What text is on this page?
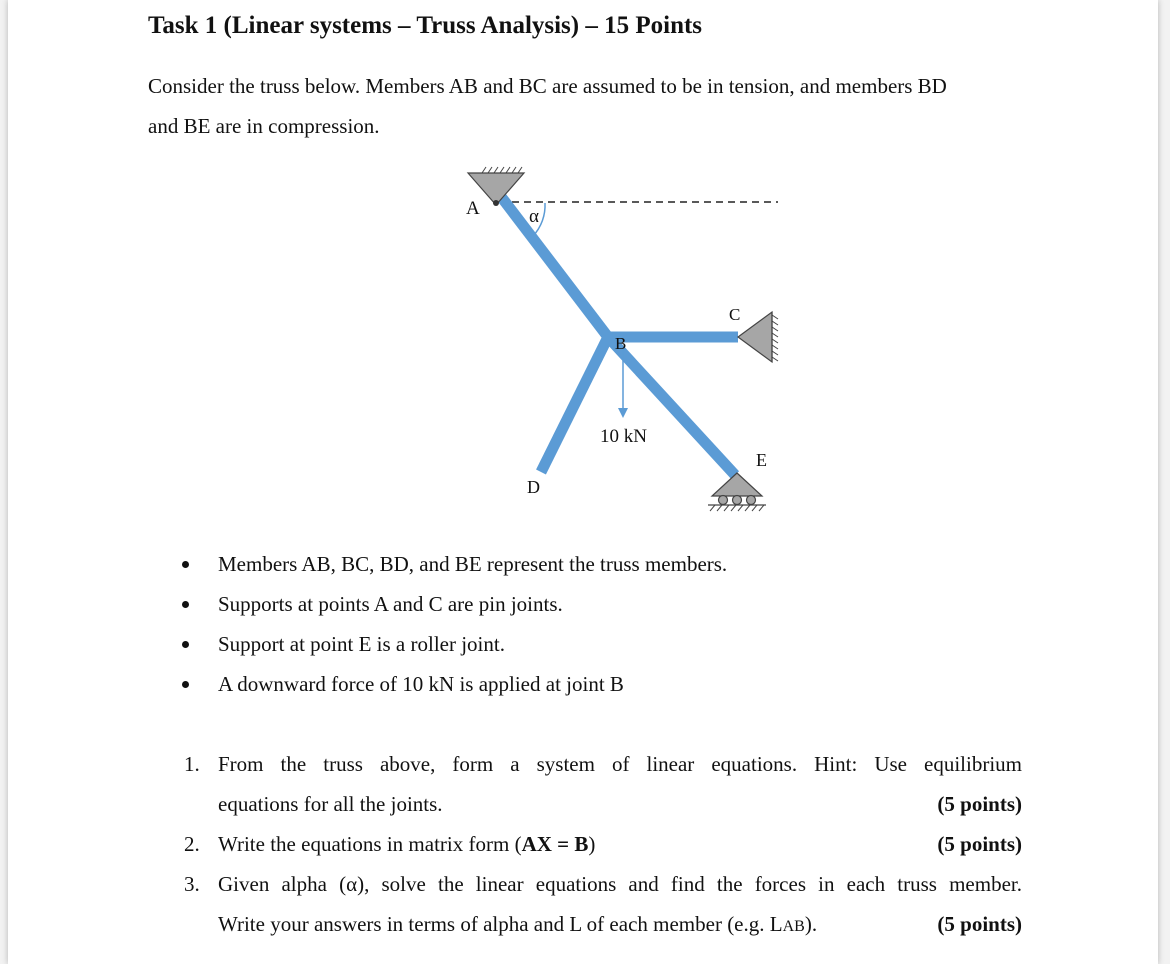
Task 1 (Linear systems – Truss Analysis) – 15 Points
Consider the truss below. Members AB and BC are assumed to be in tension, and members BD
and BE are in compression.
A	α
B
C
10 kN
E
D
Members AB, BC, BD, and BE represent the truss members.
Supports at points A and C are pin joints.
Support at point E is a roller joint.
A downward force of 10 kN is applied at joint B
1. From the truss above, form a system of linear equations. Hint: Use equilibrium
equations for all the joints.	(5 points)
2. Write the equations in matrix form (AX = B)	(5 points)
3. Given alpha (α), solve the linear equations and find the forces in each truss member.
Write your answers in terms of alpha and L of each member (e.g. LAB).	(5 points)
